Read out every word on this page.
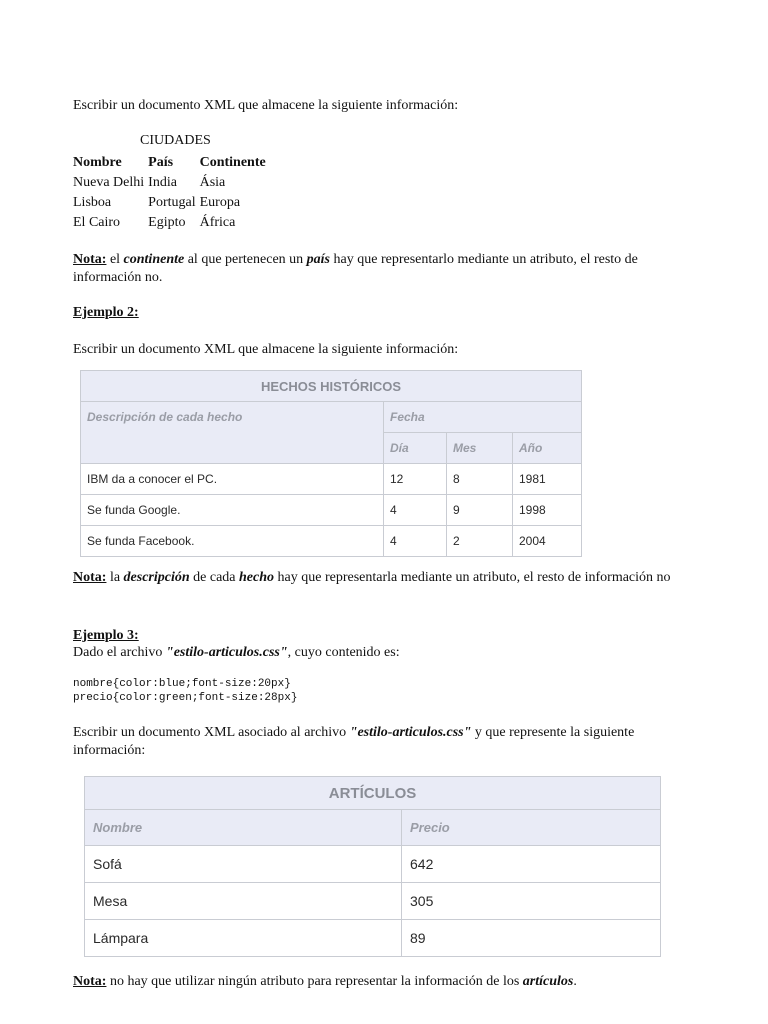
Escribir un documento XML que almacene la siguiente información:

CIUDADES
Nombre	País	Continente
Nueva Delhi	India	Ásia
Lisboa	Portugal	Europa
El Cairo	Egipto	África

Nota: el continente al que pertenecen un país hay que representarlo mediante un atributo, el resto de información no.

Ejemplo 2:

Escribir un documento XML que almacene la siguiente información:

HECHOS HISTÓRICOS			
Descripción de cada hecho	Fecha		
	Día	Mes	Año
IBM da a conocer el PC.	12	8	1981
Se funda Google.	4	9	1998
Se funda Facebook.	4	2	2004

Nota: la descripción de cada hecho hay que representarla mediante un atributo, el resto de información no

Ejemplo 3:

Dado el archivo "estilo-articulos.css", cuyo contenido es:

nombre{color:blue;font-size:20px}
precio{color:green;font-size:28px}

Escribir un documento XML asociado al archivo "estilo-articulos.css" y que represente la siguiente información:

ARTÍCULOS	
Nombre	Precio
Sofá	642
Mesa	305
Lámpara	89

Nota: no hay que utilizar ningún atributo para representar la información de los artículos.
